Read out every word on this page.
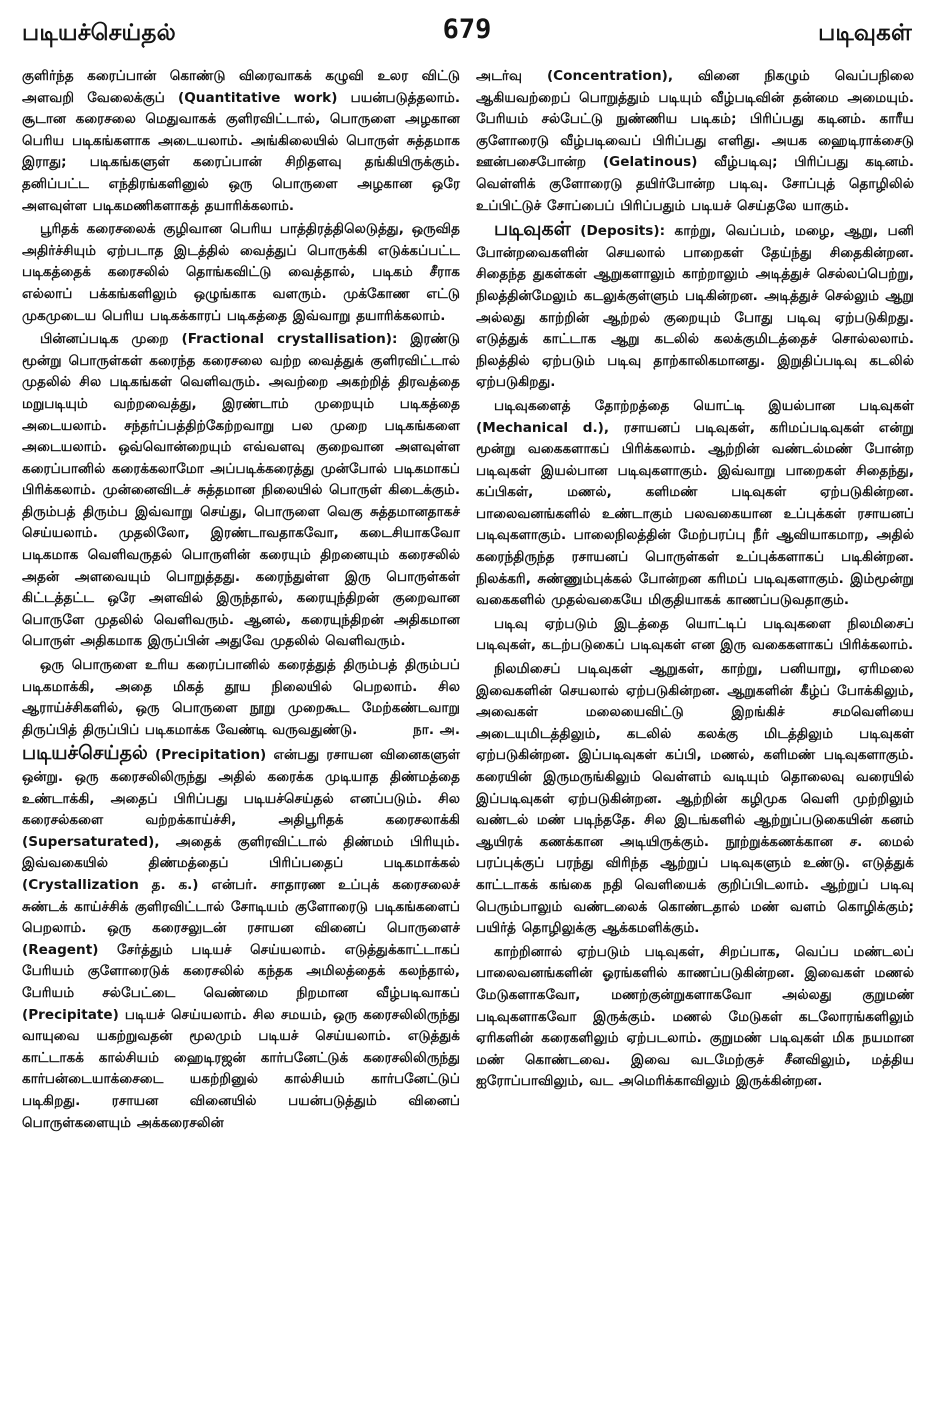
படியச்செய்தல்	679	படிவுகள்

குளிர்ந்த கரைப்பான் கொண்டு விரைவாகக் கழுவி உலர விட்டு அளவறி வேலைக்குப் (Quantitative work) பயன்படுத்தலாம். சூடான கரைசலை மெதுவாகக் குளிரவிட்டால், பொருளை அழகான பெரிய படிகங்களாக அடையலாம். அங்கிலையில் பொருள் சுத்தமாக இராது; படிகங்களுள் கரைப்பான் சிறிதளவு தங்கியிருக்கும். தனிப்பட்ட எந்திரங்களினுல் ஒரு பொருளை அழகான ஒரே அளவுள்ள படிகமணிகளாகத் தயாரிக்கலாம்.

பூரிதக் கரைசலைக் குழிவான பெரிய பாத்திரத்திலெடுத்து, ஒருவித அதிர்ச்சியும் ஏற்படாத இடத்தில் வைத்துப் பொருக்கி எடுக்கப்பட்ட படிகத்தைக் கரைசலில் தொங்கவிட்டு வைத்தால், படிகம் சீராக எல்லாப் பக்கங்களிலும் ஒழுங்காக வளரும். முக்கோண எட்டு முகமுடைய பெரிய படிகக்காரப் படிகத்தை இவ்வாறு தயாரிக்கலாம்.

பின்னப்படிக முறை (Fractional crystallisation): இரண்டு மூன்று பொருள்கள் கரைந்த கரைசலை வற்ற வைத்துக் குளிரவிட்டால் முதலில் சில படிகங்கள் வெளிவரும். அவற்றை அகற்றித் திரவத்தை மறுபடியும் வற்றவைத்து, இரண்டாம் முறையும் படிகத்தை அடையலாம். சந்தர்ப்பத்திற்கேற்றவாறு பல முறை படிகங்களை அடையலாம். ஒவ்வொன்றையும் எவ்வளவு குறைவான அளவுள்ள கரைப்பானில் கரைக்கலாமோ அப்படிக்கரைத்து முன்போல் படிகமாகப் பிரிக்கலாம். முன்னைவிடச் சுத்தமான நிலையில் பொருள் கிடைக்கும். திரும்பத் திரும்ப இவ்வாறு செய்து, பொருளை வெகு சுத்தமானதாகச் செய்யலாம். முதலிலோ, இரண்டாவதாகவோ, கடைசியாகவோ படிகமாக வெளிவருதல் பொருளின் கரையும் திறனையும் கரைசலில் அதன் அளவையும் பொறுத்தது. கரைந்துள்ள இரு பொருள்கள் கிட்டத்தட்ட ஒரே அளவில் இருந்தால், கரையுந்திறன் குறைவான பொருளே முதலில் வெளிவரும். ஆனல், கரையுந்திறன் அதிகமான பொருள் அதிகமாக இருப்பின் அதுவே முதலில் வெளிவரும்.

ஒரு பொருளை உரிய கரைப்பானில் கரைத்துத் திரும்பத் திரும்பப் படிகமாக்கி, அதை மிகத் தூய நிலையில் பெறலாம். சில ஆராய்ச்சிகளில், ஒரு பொருளை நூறு முறைகூட மேற்கண்டவாறு திருப்பித் திருப்பிப் படிகமாக்க வேண்டி வருவதுண்டு.	நா. அ.

படியச்செய்தல் (Precipitation) என்பது ரசாயன வினைகளுள் ஒன்று. ஒரு கரைசலிலிருந்து அதில் கரைக்க முடியாத திண்மத்தை உண்டாக்கி, அதைப் பிரிப்பது படியச்செய்தல் எனப்படும். சில கரைசல்களை வற்றக்காய்ச்சி, அதிபூரிதக் கரைசலாக்கி (Supersaturated), அதைக் குளிரவிட்டால் திண்மம் பிரியும். இவ்வகையில் திண்மத்தைப் பிரிப்பதைப் படிகமாக்கல் (Crystallization த. க.) என்பர். சாதாரண உப்புக் கரைசலைச் சுண்டக் காய்ச்சிக் குளிரவிட்டால் சோடியம் குளோரைடு படிகங்களைப் பெறலாம். ஒரு கரைசலுடன் ரசாயன வினைப் பொருளைச் (Reagent) சேர்த்தும் படியச் செய்யலாம். எடுத்துக்காட்டாகப் பேரியம் குளோரைடுக் கரைசலில் கந்தக அமிலத்தைக் கலந்தால், பேரியம் சல்பேட்டை வெண்மை நிறமான வீழ்படிவாகப் (Precipitate) படியச் செய்யலாம். சில சமயம், ஒரு கரைசலிலிருந்து வாயுவை யகற்றுவதன் மூலமும் படியச் செய்யலாம். எடுத்துக் காட்டாகக் கால்சியம் ஹைடிரஜன் கார்பனேட்டுக் கரைசலிலிருந்து கார்பன்டையாக்சைடை யகற்றினுல் கால்சியம் கார்பனேட்டுப் படிகிறது. ரசாயன வினையில் பயன்படுத்தும் வினைப் பொருள்களையும் அக்கரைசலின்

அடர்வு (Concentration), வினை நிகழும் வெப்பநிலை ஆகியவற்றைப் பொறுத்தும் படியும் வீழ்படிவின் தன்மை அமையும். பேரியம் சல்பேட்டு நுண்ணிய படிகம்; பிரிப்பது கடினம். காரீய குளோரைடு வீழ்படிவைப் பிரிப்பது எளிது. அயக ஹைடிராக்சைடு ஊன்பசைபோன்ற (Gelatinous) வீழ்படிவு; பிரிப்பது கடினம். வெள்ளிக் குளோரைடு தயிர்போன்ற படிவு. சோப்புத் தொழிலில் உப்பிட்டுச் சோப்பைப் பிரிப்பதும் படியச் செய்தலே யாகும்.

படிவுகள் (Deposits): காற்று, வெப்பம், மழை, ஆறு, பனி போன்றவைகளின் செயலால் பாறைகள் தேய்ந்து சிதைகின்றன. சிதைந்த துகள்கள் ஆறுகளாலும் காற்றாலும் அடித்துச் செல்லப்பெற்று, நிலத்தின்மேலும் கடலுக்குள்ளும் படிகின்றன. அடித்துச் செல்லும் ஆறு அல்லது காற்றின் ஆற்றல் குறையும் போது படிவு ஏற்படுகிறது. எடுத்துக் காட்டாக ஆறு கடலில் கலக்குமிடத்தைச் சொல்லலாம். நிலத்தில் ஏற்படும் படிவு தாற்காலிகமானது. இறுதிப்படிவு கடலில் ஏற்படுகிறது.

படிவுகளைத் தோற்றத்தை யொட்டி இயல்பான படிவுகள் (Mechanical d.), ரசாயனப் படிவுகள், கரிமப்படிவுகள் என்று மூன்று வகைகளாகப் பிரிக்கலாம். ஆற்றின் வண்டல்மண் போன்ற படிவுகள் இயல்பான படிவுகளாகும். இவ்வாறு பாறைகள் சிதைந்து, கப்பிகள், மணல், களிமண் படிவுகள் ஏற்படுகின்றன. பாலைவனங்களில் உண்டாகும் பலவகையான உப்புக்கள் ரசாயனப் படிவுகளாகும். பாலைநிலத்தின் மேற்பரப்பு நீர் ஆவியாகமாற, அதில் கரைந்திருந்த ரசாயனப் பொருள்கள் உப்புக்களாகப் படிகின்றன. நிலக்கரி, சுண்ணும்புக்கல் போன்றன கரிமப் படிவுகளாகும். இம்மூன்று வகைகளில் முதல்வகையே மிகுதியாகக் காணப்படுவதாகும்.

படிவு ஏற்படும் இடத்தை யொட்டிப் படிவுகளை நிலமிசைப் படிவுகள், கடற்படுகைப் படிவுகள் என இரு வகைகளாகப் பிரிக்கலாம்.

நிலமிசைப் படிவுகள் ஆறுகள், காற்று, பனியாறு, ஏரிமலை இவைகளின் செயலால் ஏற்படுகின்றன. ஆறுகளின் கீழ்ப் போக்கிலும், அவைகள் மலையைவிட்டு இறங்கிச் சமவெளியை அடையுமிடத்திலும், கடலில் கலக்கு மிடத்திலும் படிவுகள் ஏற்படுகின்றன. இப்படிவுகள் கப்பி, மணல், களிமண் படிவுகளாகும். கரையின் இருமருங்கிலும் வெள்ளம் வடியும் தொலைவு வரையில் இப்படிவுகள் ஏற்படுகின்றன. ஆற்றின் கழிமுக வெளி முற்றிலும் வண்டல் மண் படிந்ததே. சில இடங்களில் ஆற்றுப்படுகையின் கனம் ஆயிரக் கணக்கான அடியிருக்கும். நூற்றுக்கணக்கான ச. மைல் பரப்புக்குப் பரந்து விரிந்த ஆற்றுப் படிவுகளும் உண்டு. எடுத்துக் காட்டாகக் கங்கை நதி வெளியைக் குறிப்பிடலாம். ஆற்றுப் படிவு பெரும்பாலும் வண்டலைக் கொண்டதால் மண் வளம் கொழிக்கும்; பயிர்த் தொழிலுக்கு ஆக்கமளிக்கும்.

காற்றினால் ஏற்படும் படிவுகள், சிறப்பாக, வெப்ப மண்டலப் பாலைவனங்களின் ஓரங்களில் காணப்படுகின்றன. இவைகள் மணல் மேடுகளாகவோ, மணற்குன்றுகளாகவோ அல்லது குறுமண் படிவுகளாகவோ இருக்கும். மணல் மேடுகள் கடலோரங்களிலும் ஏரிகளின் கரைகளிலும் ஏற்படலாம். குறுமண் படிவுகள் மிக நயமான மண் கொண்டவை. இவை வடமேற்குச் சீனவிலும், மத்திய ஐரோப்பாவிலும், வட அமெரிக்காவிலும் இருக்கின்றன.
